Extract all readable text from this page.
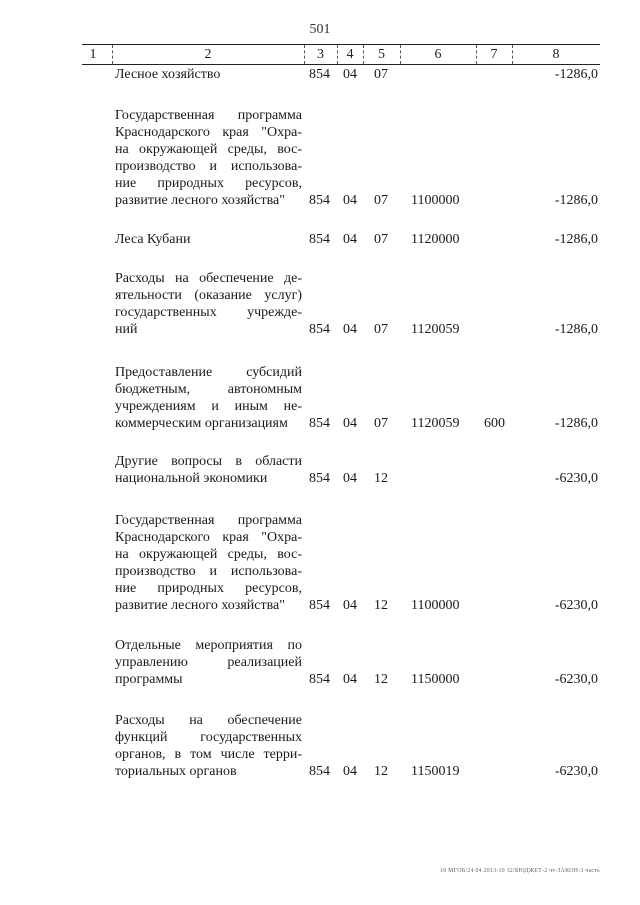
501
1	2	3	4	5	6	7	8
Лесное хозяйство	854 04 07	-1286,0
Государственная программа
Краснодарского края "Охра-
на окружающей среды, вос-
производство и использова-
ние природных ресурсов,
развитие лесного хозяйства"	854 04 07 1100000	-1286,0
Леса Кубани	854 04 07 1120000	-1286,0
Расходы на обеспечение де-
ятельности (оказание услуг)
государственных учрежде-
ний	854 04 07 1120059	-1286,0
Предоставление субсидий
бюджетным, автономным
учреждениям и иным не-
коммерческим организациям	854 04 07 1120059 600	-1286,0
Другие вопросы в области
национальной экономики	854 04 12	-6230,0
Государственная программа
Краснодарского края "Охра-
на окружающей среды, вос-
производство и использова-
ние природных ресурсов,
развитие лесного хозяйства"	854 04 12 1100000	-6230,0
Отдельные мероприятия по
управлению реализацией
программы	854 04 12 1150000	-6230,0
Расходы на обеспечение
функций государственных
органов, в том числе терри-
ториальных органов	854 04 12 1150019	-6230,0
10 МГОБ/24 04 2013-10 32/БЮДЖЕТ-2 чт-ЗАКОН-3 часть
